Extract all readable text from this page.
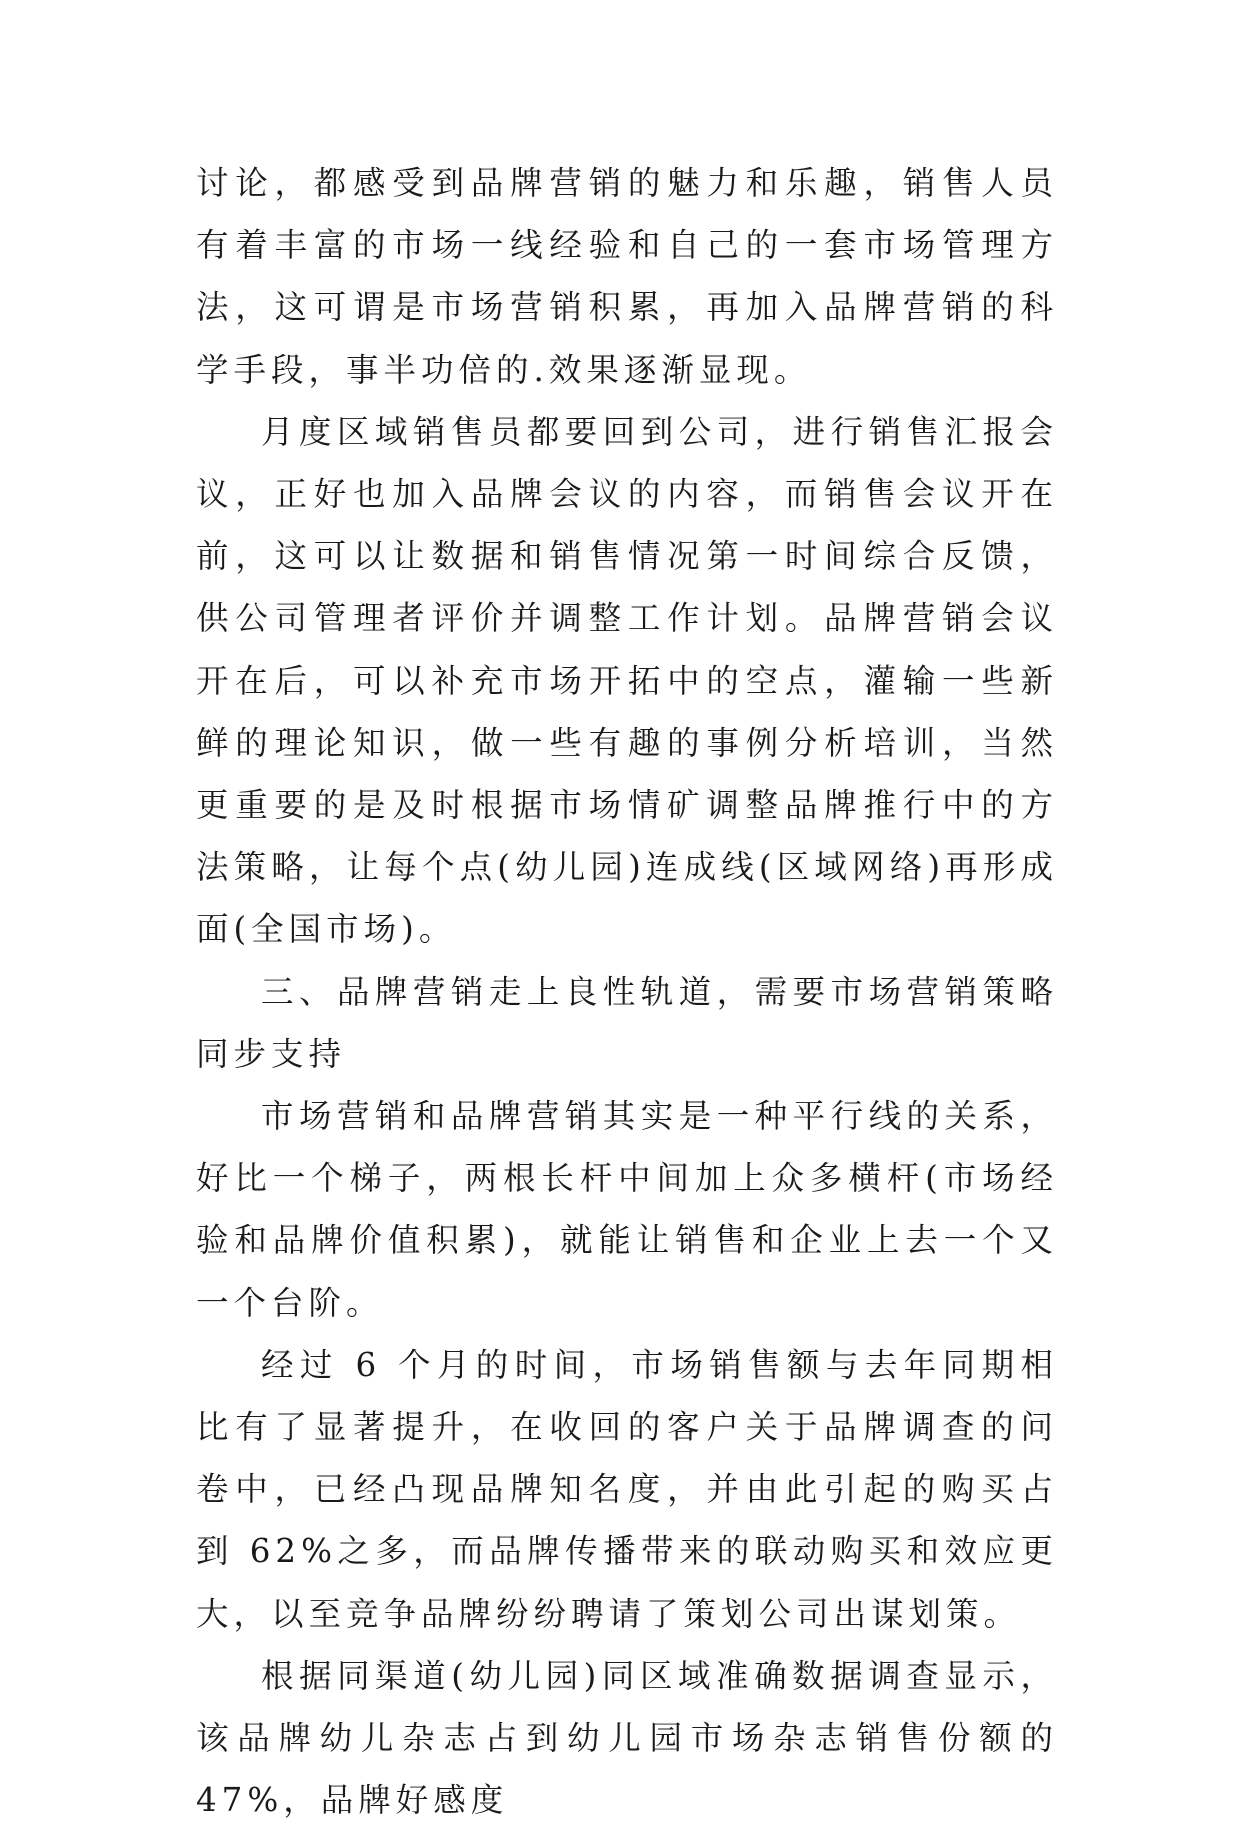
讨论，都感受到品牌营销的魅力和乐趣，销售人员有着丰富的市场一线经验和自己的一套市场管理方法，这可谓是市场营销积累，再加入品牌营销的科学手段，事半功倍的.效果逐渐显现。

月度区域销售员都要回到公司，进行销售汇报会议，正好也加入品牌会议的内容，而销售会议开在前，这可以让数据和销售情况第一时间综合反馈，供公司管理者评价并调整工作计划。品牌营销会议开在后，可以补充市场开拓中的空点，灌输一些新鲜的理论知识，做一些有趣的事例分析培训，当然更重要的是及时根据市场情矿调整品牌推行中的方法策略，让每个点(幼儿园)连成线(区域网络)再形成面(全国市场)。

三、品牌营销走上良性轨道，需要市场营销策略同步支持

市场营销和品牌营销其实是一种平行线的关系，好比一个梯子，两根长杆中间加上众多横杆(市场经验和品牌价值积累)，就能让销售和企业上去一个又一个台阶。

经过 6 个月的时间，市场销售额与去年同期相比有了显著提升，在收回的客户关于品牌调查的问卷中，已经凸现品牌知名度，并由此引起的购买占到 62%之多，而品牌传播带来的联动购买和效应更大，以至竞争品牌纷纷聘请了策划公司出谋划策。

根据同渠道(幼儿园)同区域准确数据调查显示，该品牌幼儿杂志占到幼儿园市场杂志销售份额的 47%，品牌好感度
